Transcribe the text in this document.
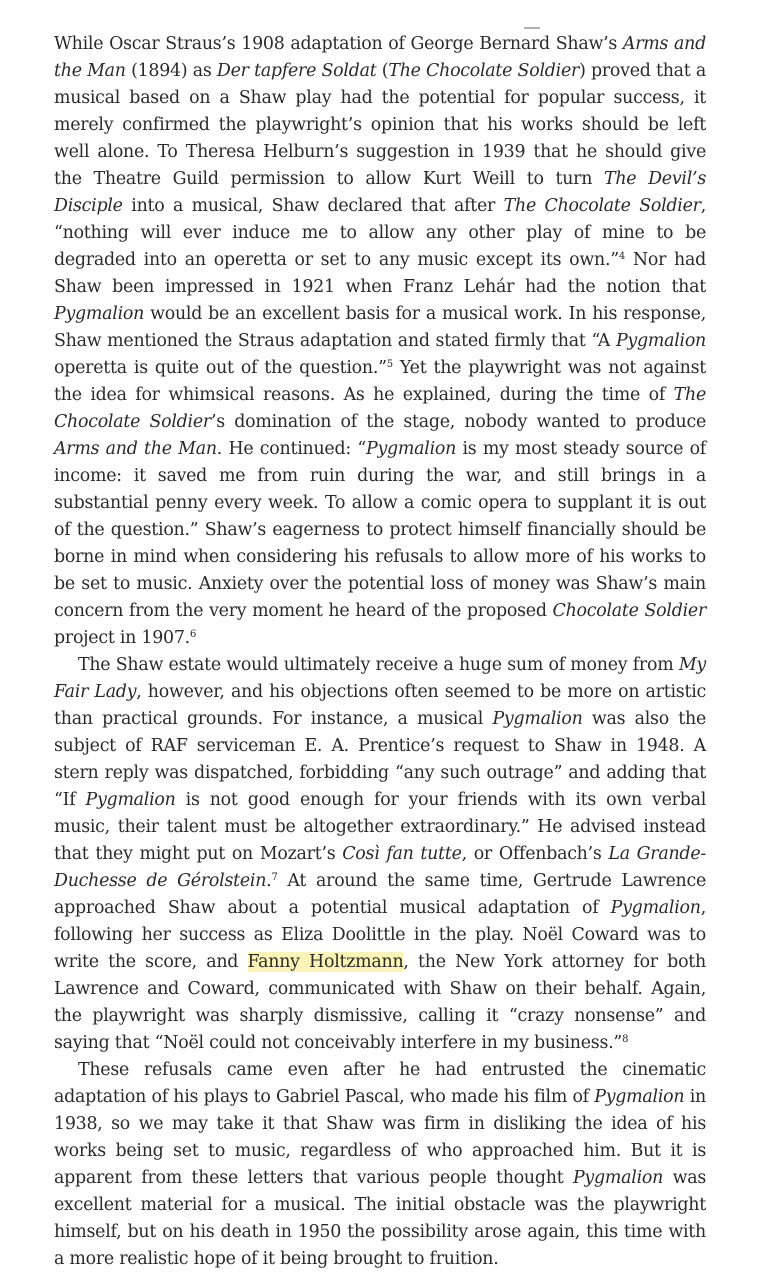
While Oscar Straus’s 1908 adaptation of George Bernard Shaw’s Arms and the Man (1894) as Der tapfere Soldat (The Chocolate Soldier) proved that a musical based on a Shaw play had the potential for popular success, it merely confirmed the playwright’s opinion that his works should be left well alone. To Theresa Helburn’s suggestion in 1939 that he should give the Theatre Guild permission to allow Kurt Weill to turn The Devil’s Disciple into a musical, Shaw declared that after The Chocolate Soldier, “nothing will ever induce me to allow any other play of mine to be degraded into an operetta or set to any music except its own.”$^4$ Nor had Shaw been impressed in 1921 when Franz Lehár had the notion that Pygmalion would be an excellent basis for a musical work. In his response, Shaw mentioned the Straus adaptation and stated firmly that “A Pygmalion operetta is quite out of the question.”$^5$ Yet the playwright was not against the idea for whimsical reasons. As he explained, during the time of The Chocolate Soldier’s domination of the stage, nobody wanted to produce Arms and the Man. He continued: “Pygmalion is my most steady source of income: it saved me from ruin during the war, and still brings in a substantial penny every week. To allow a comic opera to supplant it is out of the question.” Shaw’s eagerness to protect himself financially should be borne in mind when considering his refusals to allow more of his works to be set to music. Anxiety over the potential loss of money was Shaw’s main concern from the very moment he heard of the proposed Chocolate Soldier project in 1907.$^6$

The Shaw estate would ultimately receive a huge sum of money from My Fair Lady, however, and his objections often seemed to be more on artistic than practical grounds. For instance, a musical Pygmalion was also the subject of RAF serviceman E. A. Prentice’s request to Shaw in 1948. A stern reply was dispatched, forbidding “any such outrage” and adding that “If Pygmalion is not good enough for your friends with its own verbal music, their talent must be altogether extraordinary.” He advised instead that they might put on Mozart’s Così fan tutte, or Offenbach’s La Grande-Duchesse de Gérolstein.$^7$ At around the same time, Gertrude Lawrence approached Shaw about a potential musical adaptation of Pygmalion, following her success as Eliza Doolittle in the play. Noël Coward was to write the score, and Fanny Holtzmann, the New York attorney for both Lawrence and Coward, communicated with Shaw on their behalf. Again, the playwright was sharply dismissive, calling it “crazy nonsense” and saying that “Noël could not conceivably interfere in my business.”$^8$

These refusals came even after he had entrusted the cinematic adaptation of his plays to Gabriel Pascal, who made his film of Pygmalion in 1938, so we may take it that Shaw was firm in disliking the idea of his works being set to music, regardless of who approached him. But it is apparent from these letters that various people thought Pygmalion was excellent material for a musical. The initial obstacle was the playwright himself, but on his death in 1950 the possibility arose again, this time with a more realistic hope of it being brought to fruition.
